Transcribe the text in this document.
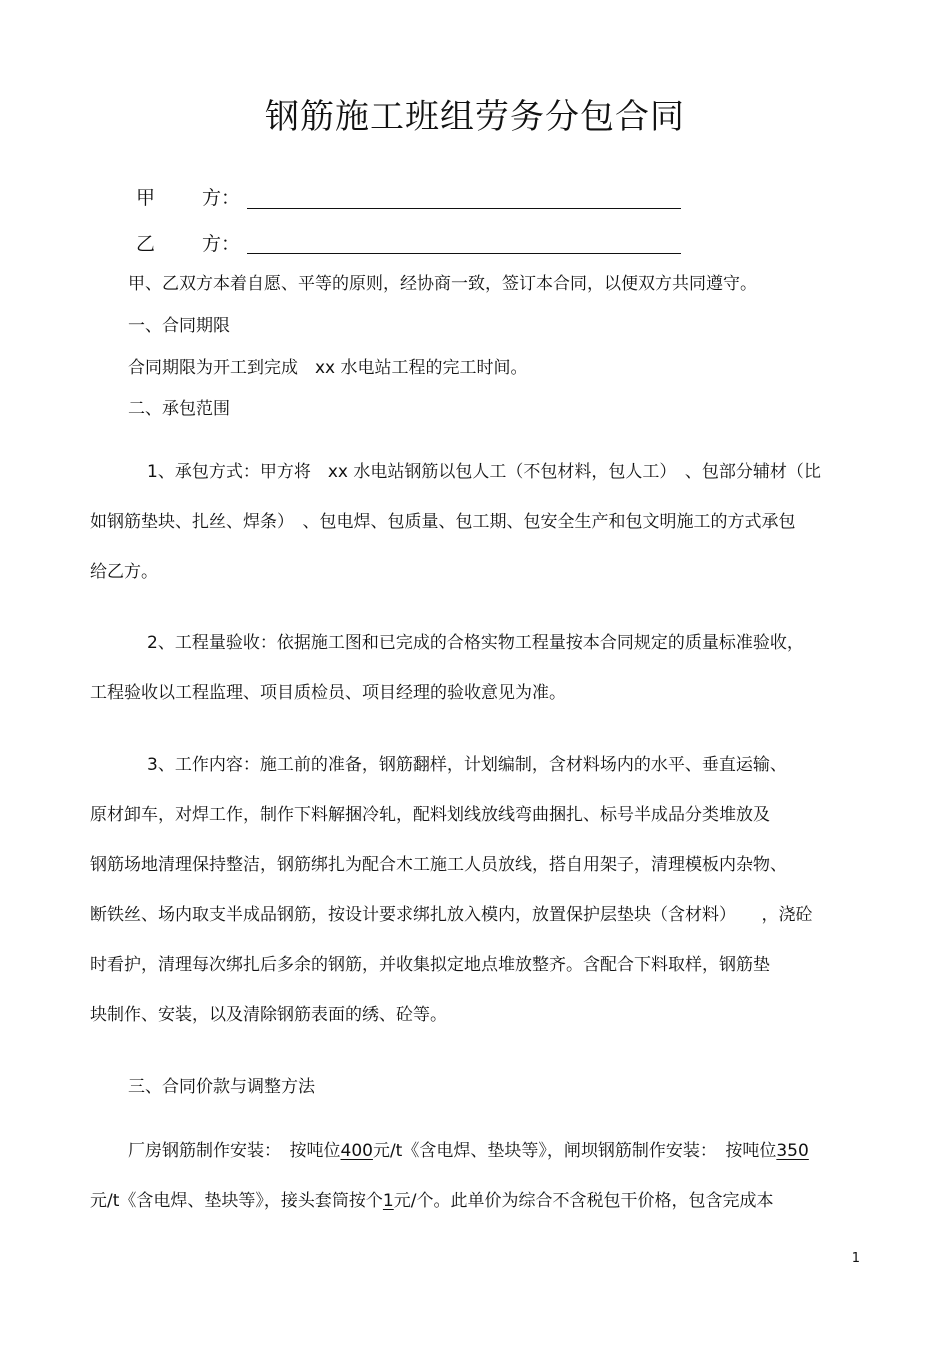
钢筋施工班组劳务分包合同
甲 方：
乙 方：
甲、乙双方本着自愿、平等的原则，经协商一致，签订本合同，以便双方共同遵守。
一、合同期限
合同期限为开工到完成　xx 水电站工程的完工时间。
二、承包范围
1、承包方式：甲方将　xx 水电站钢筋以包人工（不包材料，包人工）　、包部分辅材（比
如钢筋垫块、扎丝、焊条）　、包电焊、包质量、包工期、包安全生产和包文明施工的方式承包
给乙方。
2、工程量验收：依据施工图和已完成的合格实物工程量按本合同规定的质量标准验收，
工程验收以工程监理、项目质检员、项目经理的验收意见为准。
3、工作内容：施工前的准备，钢筋翻样，计划编制，含材料场内的水平、垂直运输、
原材卸车，对焊工作，制作下料解捆冷轧，配料划线放线弯曲捆扎、标号半成品分类堆放及
钢筋场地清理保持整洁，钢筋绑扎为配合木工施工人员放线，搭自用架子，清理模板内杂物、
断铁丝、场内取支半成品钢筋，按设计要求绑扎放入模内，放置保护层垫块（含材料）　　，浇砼
时看护，清理每次绑扎后多余的钢筋，并收集拟定地点堆放整齐。含配合下料取样，钢筋垫
块制作、安装，以及清除钢筋表面的绣、砼等。
三、合同价款与调整方法
厂房钢筋制作安装：　按吨位400元/t《含电焊、垫块等》，闸坝钢筋制作安装：　按吨位350
元/t《含电焊、垫块等》，接头套筒按个1元/个。此单价为综合不含税包干价格，包含完成本
1
